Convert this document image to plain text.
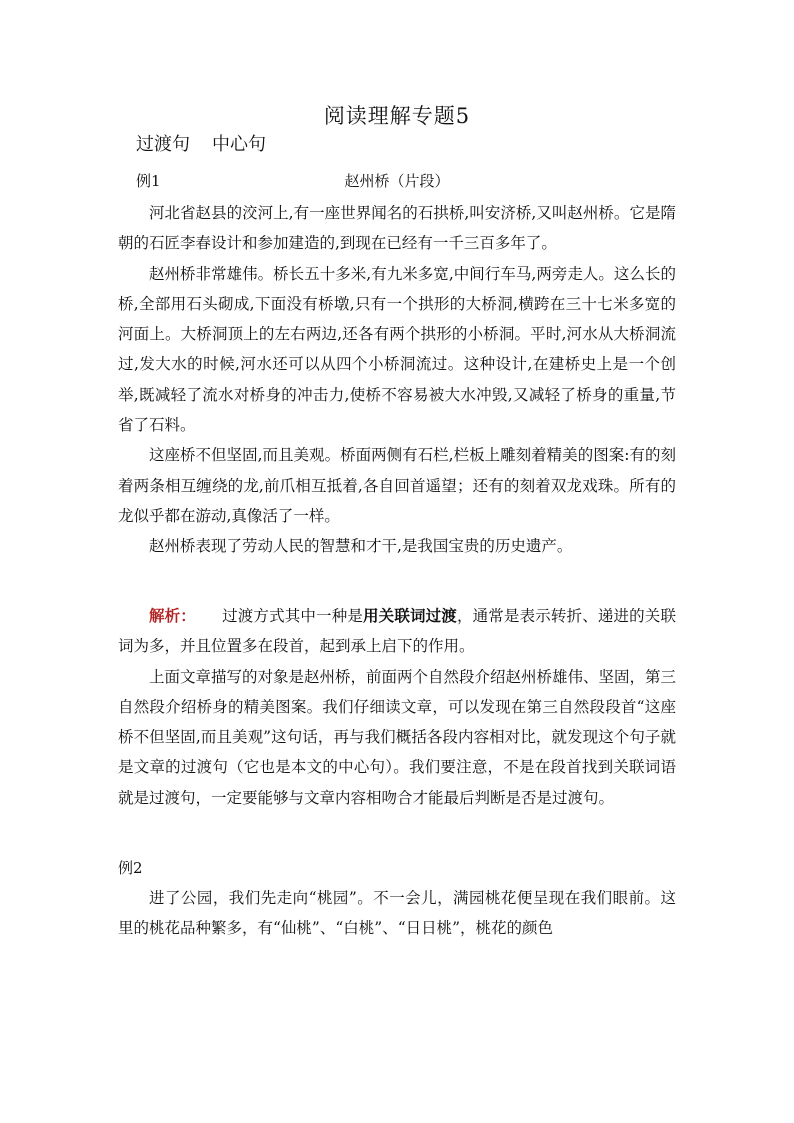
阅读理解专题5
过渡句 中心句
例1	赵州桥（片段）

河北省赵县的洨河上,有一座世界闻名的石拱桥,叫安济桥,又叫赵州桥。它是隋朝的石匠李春设计和参加建造的,到现在已经有一千三百多年了。

赵州桥非常雄伟。桥长五十多米,有九米多宽,中间行车马,两旁走人。这么长的桥,全部用石头砌成,下面没有桥墩,只有一个拱形的大桥洞,横跨在三十七米多宽的河面上。大桥洞顶上的左右两边,还各有两个拱形的小桥洞。平时,河水从大桥洞流过,发大水的时候,河水还可以从四个小桥洞流过。这种设计,在建桥史上是一个创举,既减轻了流水对桥身的冲击力,使桥不容易被大水冲毁,又减轻了桥身的重量,节省了石料。

这座桥不但坚固,而且美观。桥面两侧有石栏,栏板上雕刻着精美的图案:有的刻着两条相互缠绕的龙,前爪相互抵着,各自回首遥望；还有的刻着双龙戏珠。所有的龙似乎都在游动,真像活了一样。

赵州桥表现了劳动人民的智慧和才干,是我国宝贵的历史遗产。

解析： 过渡方式其中一种是用关联词过渡，通常是表示转折、递进的关联词为多，并且位置多在段首，起到承上启下的作用。

上面文章描写的对象是赵州桥，前面两个自然段介绍赵州桥雄伟、坚固，第三自然段介绍桥身的精美图案。我们仔细读文章，可以发现在第三自然段段首“这座桥不但坚固,而且美观”这句话，再与我们概括各段内容相对比，就发现这个句子就是文章的过渡句（它也是本文的中心句）。我们要注意，不是在段首找到关联词语就是过渡句，一定要能够与文章内容相吻合才能最后判断是否是过渡句。

例2

进了公园，我们先走向“桃园”。不一会儿，满园桃花便呈现在我们眼前。这里的桃花品种繁多，有“仙桃”、“白桃”、“日日桃”，桃花的颜色
